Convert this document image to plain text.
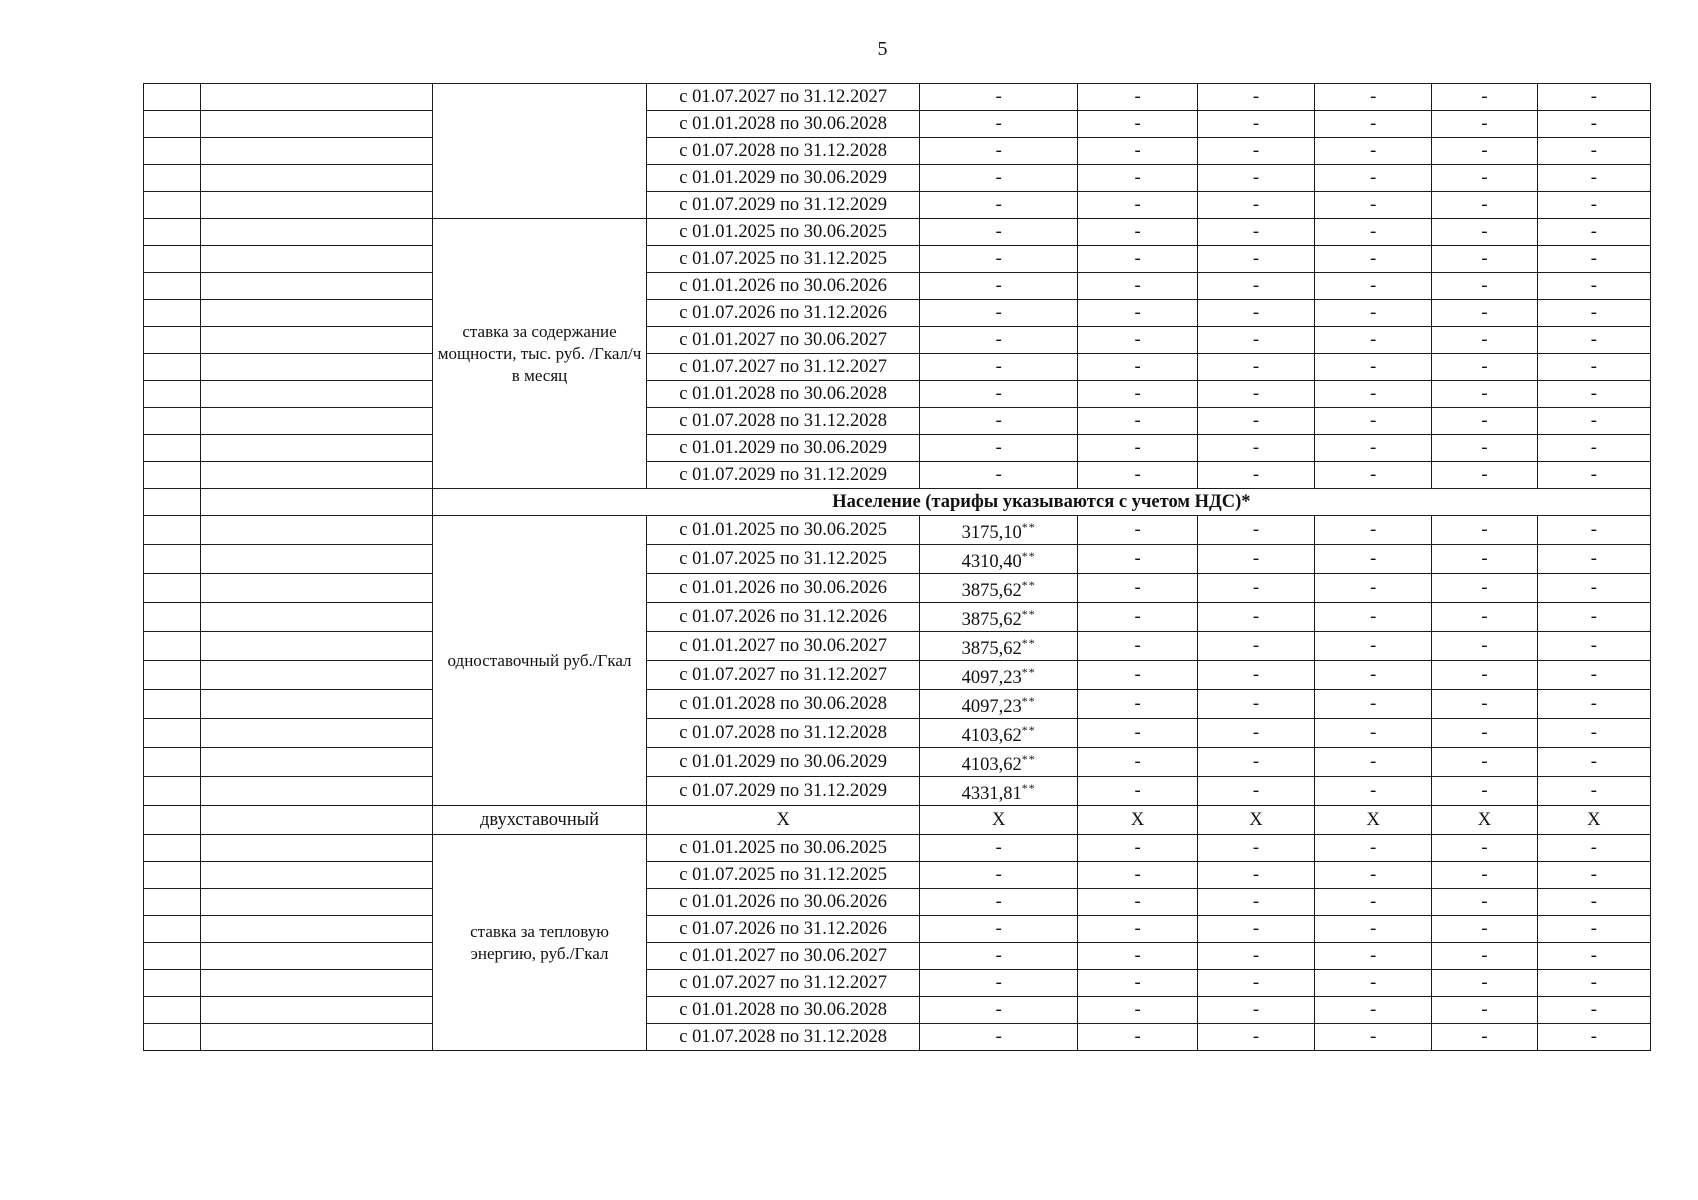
5
			с 01.07.2027 по 31.12.2027	-	-	-	-	-	-
			с 01.01.2028 по 30.06.2028	-	-	-	-	-	-
			с 01.07.2028 по 31.12.2028	-	-	-	-	-	-
			с 01.01.2029 по 30.06.2029	-	-	-	-	-	-
			с 01.07.2029 по 31.12.2029	-	-	-	-	-	-
		ставка за содержание мощности, тыс. руб. /Гкал/ч в месяц	с 01.01.2025 по 30.06.2025	-	-	-	-	-	-
			с 01.07.2025 по 31.12.2025	-	-	-	-	-	-
			с 01.01.2026 по 30.06.2026	-	-	-	-	-	-
			с 01.07.2026 по 31.12.2026	-	-	-	-	-	-
			с 01.01.2027 по 30.06.2027	-	-	-	-	-	-
			с 01.07.2027 по 31.12.2027	-	-	-	-	-	-
			с 01.01.2028 по 30.06.2028	-	-	-	-	-	-
			с 01.07.2028 по 31.12.2028	-	-	-	-	-	-
			с 01.01.2029 по 30.06.2029	-	-	-	-	-	-
			с 01.07.2029 по 31.12.2029	-	-	-	-	-	-
		Население (тарифы указываются с учетом НДС)*							
		одноставочный руб./Гкал	с 01.01.2025 по 30.06.2025	3175,10**	-	-	-	-	-
			с 01.07.2025 по 31.12.2025	4310,40**	-	-	-	-	-
			с 01.01.2026 по 30.06.2026	3875,62**	-	-	-	-	-
			с 01.07.2026 по 31.12.2026	3875,62**	-	-	-	-	-
			с 01.01.2027 по 30.06.2027	3875,62**	-	-	-	-	-
			с 01.07.2027 по 31.12.2027	4097,23**	-	-	-	-	-
			с 01.01.2028 по 30.06.2028	4097,23**	-	-	-	-	-
			с 01.07.2028 по 31.12.2028	4103,62**	-	-	-	-	-
			с 01.01.2029 по 30.06.2029	4103,62**	-	-	-	-	-
			с 01.07.2029 по 31.12.2029	4331,81**	-	-	-	-	-
		двухставочный	X	X	X	X	X	X	X
		ставка за тепловую энергию, руб./Гкал	с 01.01.2025 по 30.06.2025	-	-	-	-	-	-
			с 01.07.2025 по 31.12.2025	-	-	-	-	-	-
			с 01.01.2026 по 30.06.2026	-	-	-	-	-	-
			с 01.07.2026 по 31.12.2026	-	-	-	-	-	-
			с 01.01.2027 по 30.06.2027	-	-	-	-	-	-
			с 01.07.2027 по 31.12.2027	-	-	-	-	-	-
			с 01.01.2028 по 30.06.2028	-	-	-	-	-	-
			с 01.07.2028 по 31.12.2028	-	-	-	-	-	-
